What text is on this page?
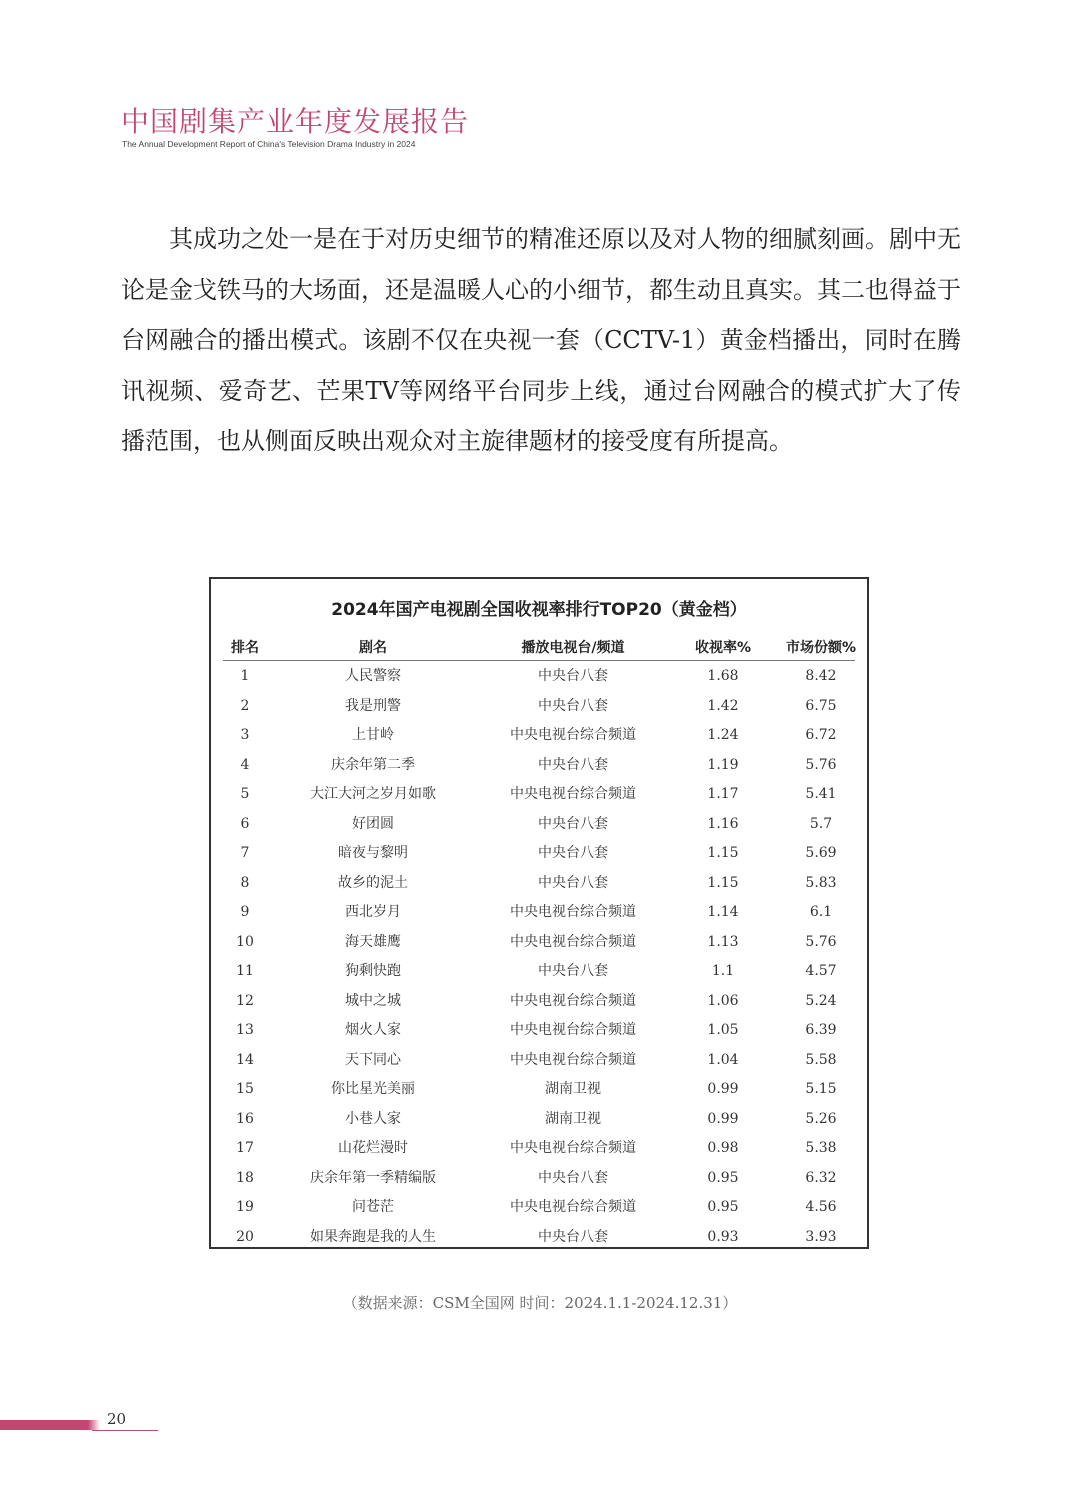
中国剧集产业年度发展报告
The Annual Development Report of China's Television Drama Industry in 2024

其成功之处一是在于对历史细节的精准还原以及对人物的细腻刻画。剧中无论是金戈铁马的大场面，还是温暖人心的小细节，都生动且真实。其二也得益于台网融合的播出模式。该剧不仅在央视一套（CCTV-1）黄金档播出，同时在腾讯视频、爱奇艺、芒果TV等网络平台同步上线，通过台网融合的模式扩大了传播范围，也从侧面反映出观众对主旋律题材的接受度有所提高。

2024年国产电视剧全国收视率排行TOP20（黄金档）
排名	剧名	播放电视台/频道	收视率%	市场份额%
1	人民警察	中央台八套	1.68	8.42
2	我是刑警	中央台八套	1.42	6.75
3	上甘岭	中央电视台综合频道	1.24	6.72
4	庆余年第二季	中央台八套	1.19	5.76
5	大江大河之岁月如歌	中央电视台综合频道	1.17	5.41
6	好团圆	中央台八套	1.16	5.7
7	暗夜与黎明	中央台八套	1.15	5.69
8	故乡的泥土	中央台八套	1.15	5.83
9	西北岁月	中央电视台综合频道	1.14	6.1
10	海天雄鹰	中央电视台综合频道	1.13	5.76
11	狗剩快跑	中央台八套	1.1	4.57
12	城中之城	中央电视台综合频道	1.06	5.24
13	烟火人家	中央电视台综合频道	1.05	6.39
14	天下同心	中央电视台综合频道	1.04	5.58
15	你比星光美丽	湖南卫视	0.99	5.15
16	小巷人家	湖南卫视	0.99	5.26
17	山花烂漫时	中央电视台综合频道	0.98	5.38
18	庆余年第一季精编版	中央台八套	0.95	6.32
19	问苍茫	中央电视台综合频道	0.95	4.56
20	如果奔跑是我的人生	中央台八套	0.93	3.93
（数据来源：CSM全国网 时间：2024.1.1-2024.12.31）
20
